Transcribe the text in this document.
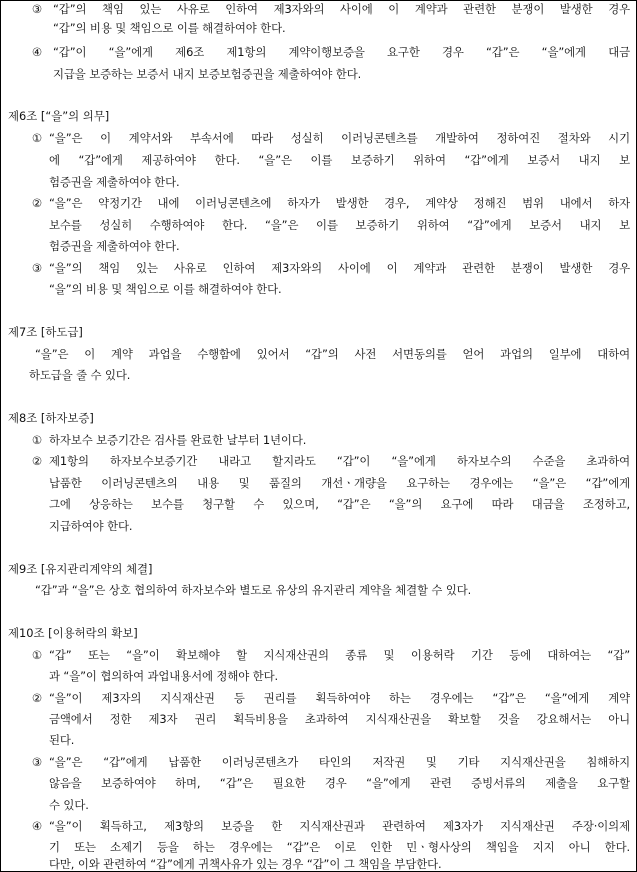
③ “갑”의 책임 있는 사유로 인하여 제3자와의 사이에 이 계약과 관련한 분쟁이 발생한 경우
“갑”의 비용 및 책임으로 이를 해결하여야 한다.
④ “갑”이 “을”에게 제6조 제1항의 계약이행보증을 요구한 경우 “갑”은 “을”에게 대금
지급을 보증하는 보증서 내지 보증보험증권을 제출하여야 한다.
제6조 [“을”의 의무]
① “을”은 이 계약서와 부속서에 따라 성실히 이러닝콘텐츠를 개발하여 정하여진 절차와 시기
에 “갑”에게 제공하여야 한다. “을”은 이를 보증하기 위하여 “갑”에게 보증서 내지 보
험증권을 제출하여야 한다.
② “을”은 약정기간 내에 이러닝콘텐츠에 하자가 발생한 경우, 계약상 정해진 범위 내에서 하자
보수를 성실히 수행하여야 한다. “을”은 이를 보증하기 위하여 “갑”에게 보증서 내지 보
험증권을 제출하여야 한다.
③ “을”의 책임 있는 사유로 인하여 제3자와의 사이에 이 계약과 관련한 분쟁이 발생한 경우
“을”의 비용 및 책임으로 이를 해결하여야 한다.
제7조 [하도급]
“을”은 이 계약 과업을 수행함에 있어서 “갑”의 사전 서면동의를 얻어 과업의 일부에 대하여
하도급을 줄 수 있다.
제8조 [하자보증]
① 하자보수 보증기간은 검사를 완료한 날부터 1년이다.
② 제1항의 하자보수보증기간 내라고 할지라도 “갑”이 “을”에게 하자보수의 수준을 초과하여
납품한 이러닝콘텐츠의 내용 및 품질의 개선ㆍ개량을 요구하는 경우에는 “을”은 “갑”에게
그에 상응하는 보수를 청구할 수 있으며, “갑”은 “을”의 요구에 따라 대금을 조정하고,
지급하여야 한다.
제9조 [유지관리계약의 체결]
“갑”과 “을”은 상호 협의하여 하자보수와 별도로 유상의 유지관리 계약을 체결할 수 있다.
제10조 [이용허락의 확보]
① “갑” 또는 “을”이 확보해야 할 지식재산권의 종류 및 이용허락 기간 등에 대하여는 “갑”
과 “을”이 협의하여 과업내용서에 정해야 한다.
② “을”이 제3자의 지식재산권 등 권리를 획득하여야 하는 경우에는 “갑”은 “을”에게 계약
금액에서 정한 제3자 권리 획득비용을 초과하여 지식재산권을 확보할 것을 강요해서는 아니
된다.
③ “을”은 “갑”에게 납품한 이러닝콘텐츠가 타인의 저작권 및 기타 지식재산권을 침해하지
않음을 보증하여야 하며, “갑”은 필요한 경우 “을”에게 관련 증빙서류의 제출을 요구할
수 있다.
④ “을”이 획득하고, 제3항의 보증을 한 지식재산권과 관련하여 제3자가 지식재산권 주장·이의제
기 또는 소제기 등을 하는 경우에는 “갑”은 이로 인한 민ㆍ형사상의 책임을 지지 아니 한다.
다만, 이와 관련하여 “갑”에게 귀책사유가 있는 경우 “갑”이 그 책임을 부담한다.
